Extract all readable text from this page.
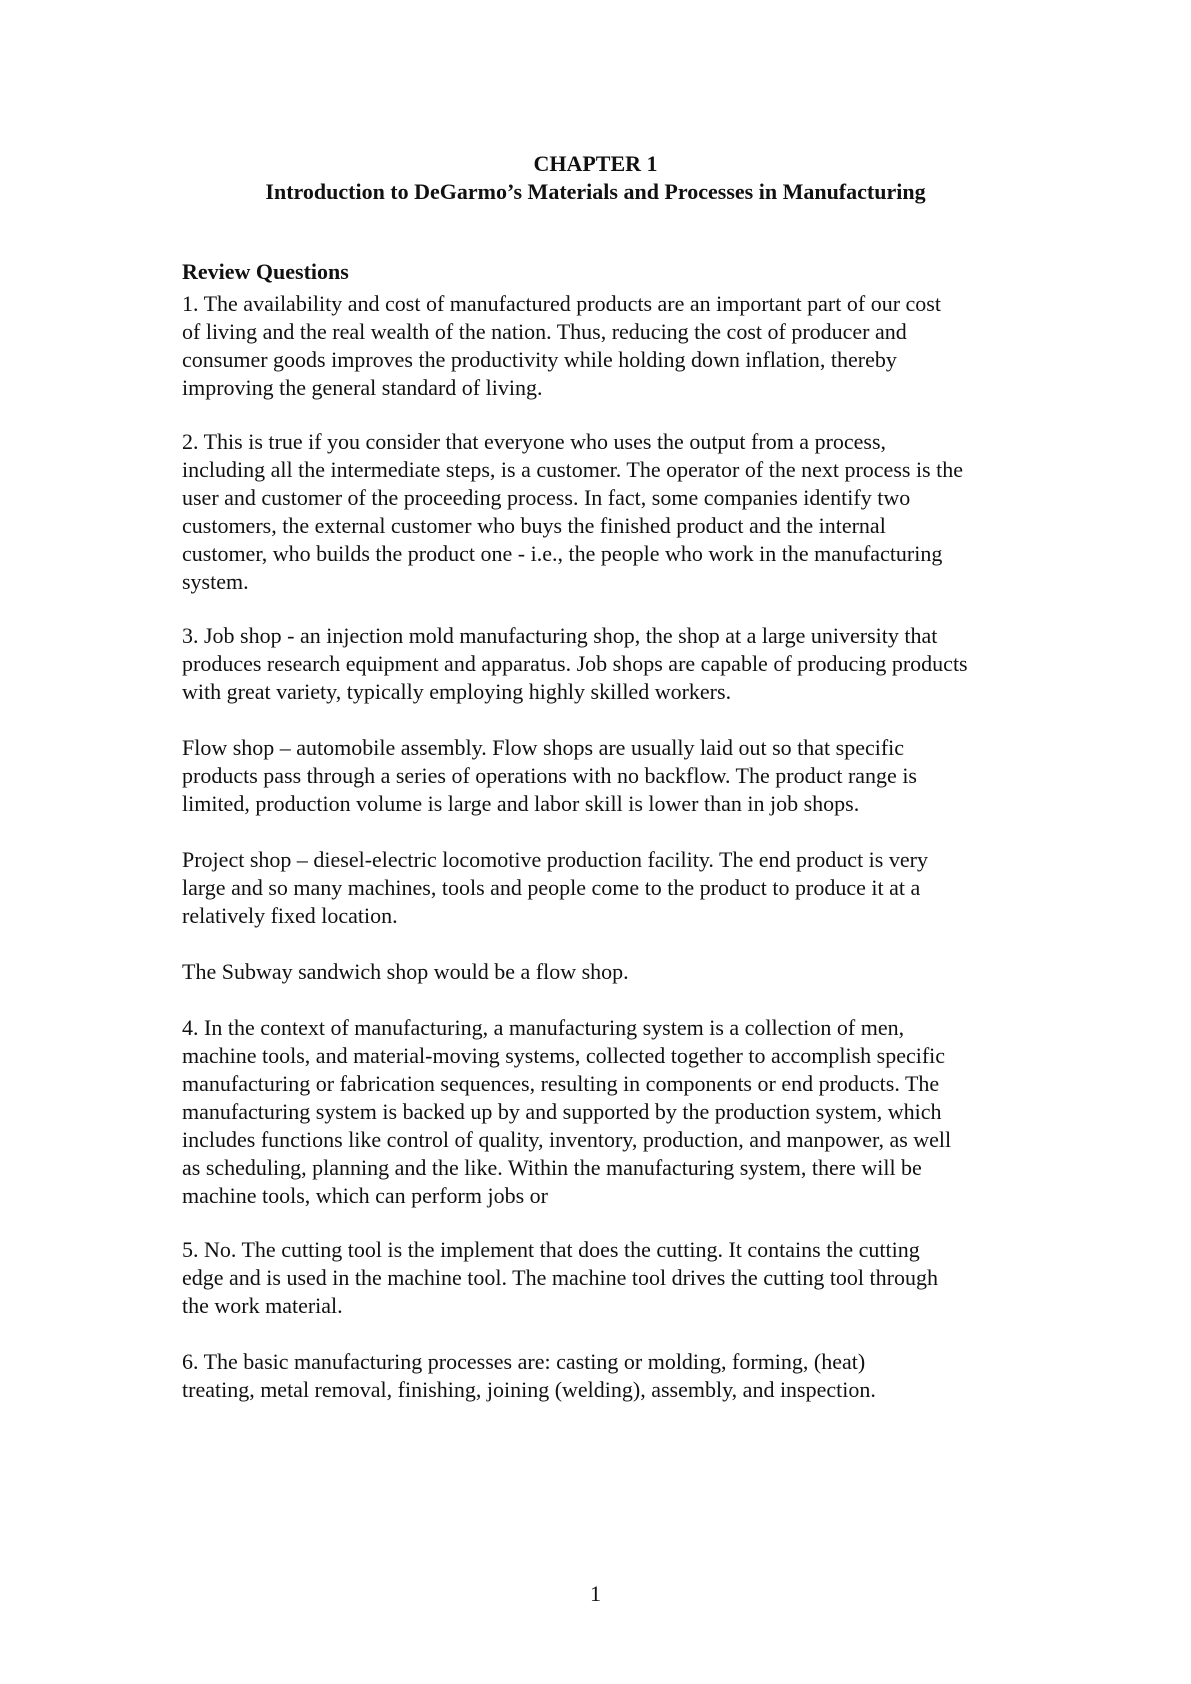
CHAPTER 1

Introduction to DeGarmo’s Materials and Processes in Manufacturing

Review Questions

1. The availability and cost of manufactured products are an important part of our cost
of living and the real wealth of the nation. Thus, reducing the cost of producer and
consumer goods improves the productivity while holding down inflation, thereby
improving the general standard of living.

2. This is true if you consider that everyone who uses the output from a process,
including all the intermediate steps, is a customer. The operator of the next process is the
user and customer of the proceeding process. In fact, some companies identify two
customers, the external customer who buys the finished product and the internal
customer, who builds the product one - i.e., the people who work in the manufacturing
system.

3. Job shop - an injection mold manufacturing shop, the shop at a large university that
produces research equipment and apparatus. Job shops are capable of producing products
with great variety, typically employing highly skilled workers.

Flow shop – automobile assembly. Flow shops are usually laid out so that specific
products pass through a series of operations with no backflow. The product range is
limited, production volume is large and labor skill is lower than in job shops.

Project shop – diesel-electric locomotive production facility. The end product is very
large and so many machines, tools and people come to the product to produce it at a
relatively fixed location.

The Subway sandwich shop would be a flow shop.

4. In the context of manufacturing, a manufacturing system is a collection of men,
machine tools, and material-moving systems, collected together to accomplish specific
manufacturing or fabrication sequences, resulting in components or end products. The
manufacturing system is backed up by and supported by the production system, which
includes functions like control of quality, inventory, production, and manpower, as well
as scheduling, planning and the like. Within the manufacturing system, there will be
machine tools, which can perform jobs or

5. No. The cutting tool is the implement that does the cutting. It contains the cutting
edge and is used in the machine tool. The machine tool drives the cutting tool through
the work material.

6. The basic manufacturing processes are: casting or molding, forming, (heat)
treating, metal removal, finishing, joining (welding), assembly, and inspection.

1
